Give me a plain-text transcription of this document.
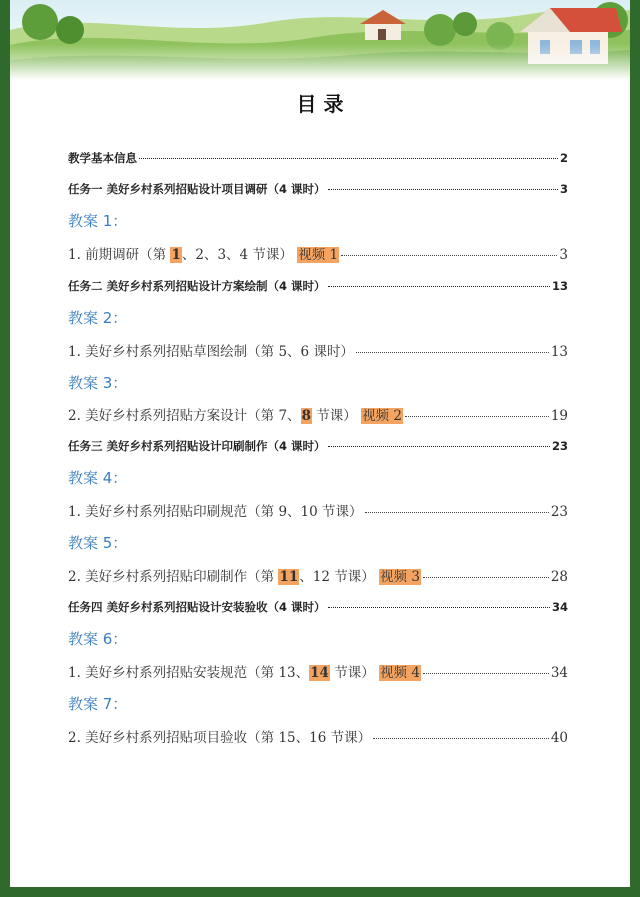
目 录
教学基本信息	2
任务一 美好乡村系列招贴设计项目调研（4 课时）	3
教案 1：
1. 前期调研（第 1、2、3、4 节课） 视频 1	3
任务二 美好乡村系列招贴设计方案绘制（4 课时）	13
教案 2：
1. 美好乡村系列招贴草图绘制（第 5、6 课时）	13
教案 3：
2. 美好乡村系列招贴方案设计（第 7、8 节课） 视频 2	19
任务三 美好乡村系列招贴设计印刷制作（4 课时）	23
教案 4：
1. 美好乡村系列招贴印刷规范（第 9、10 节课）	23
教案 5：
2. 美好乡村系列招贴印刷制作（第 11、12 节课） 视频 3	28
任务四 美好乡村系列招贴设计安装验收（4 课时）	34
教案 6：
1. 美好乡村系列招贴安装规范（第 13、14 节课） 视频 4	34
教案 7：
2. 美好乡村系列招贴项目验收（第 15、16 节课）	40
